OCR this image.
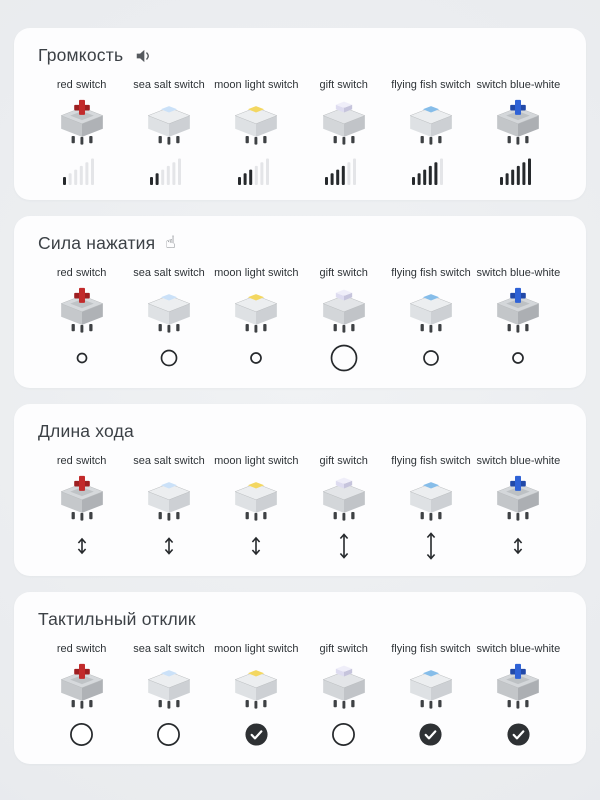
Громкость
red switch sea salt switch moon light switch gift switch flying fish switch switch blue-white
Сила нажатия ☝
red switch sea salt switch moon light switch gift switch flying fish switch switch blue-white
Длина хода
red switch sea salt switch moon light switch gift switch flying fish switch switch blue-white
Тактильный отклик
red switch sea salt switch moon light switch gift switch flying fish switch switch blue-white
